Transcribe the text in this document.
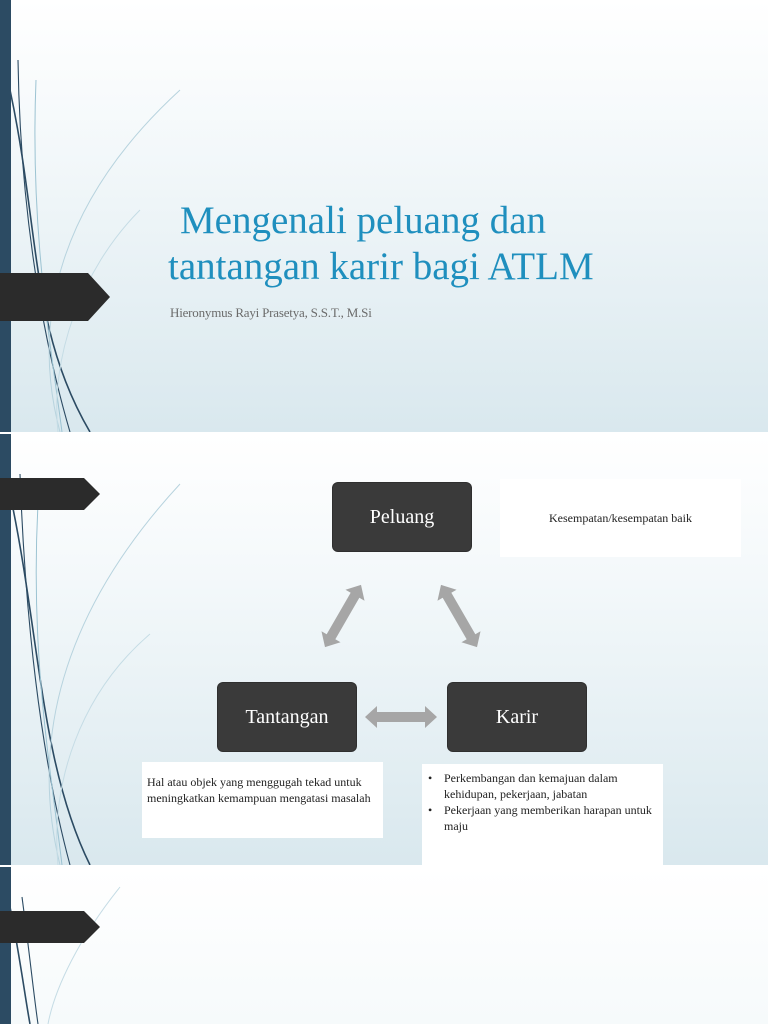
Mengenali peluang dan
tantangan karir bagi ATLM
Hieronymus Rayi Prasetya, S.S.T., M.Si
Peluang
Tantangan	Karir
Kesempatan/kesempatan baik
Hal atau objek yang menggugah tekad untuk meningkatkan kemampuan mengatasi masalah
• Perkembangan dan kemajuan dalam kehidupan, pekerjaan, jabatan
• Pekerjaan yang memberikan harapan untuk maju
